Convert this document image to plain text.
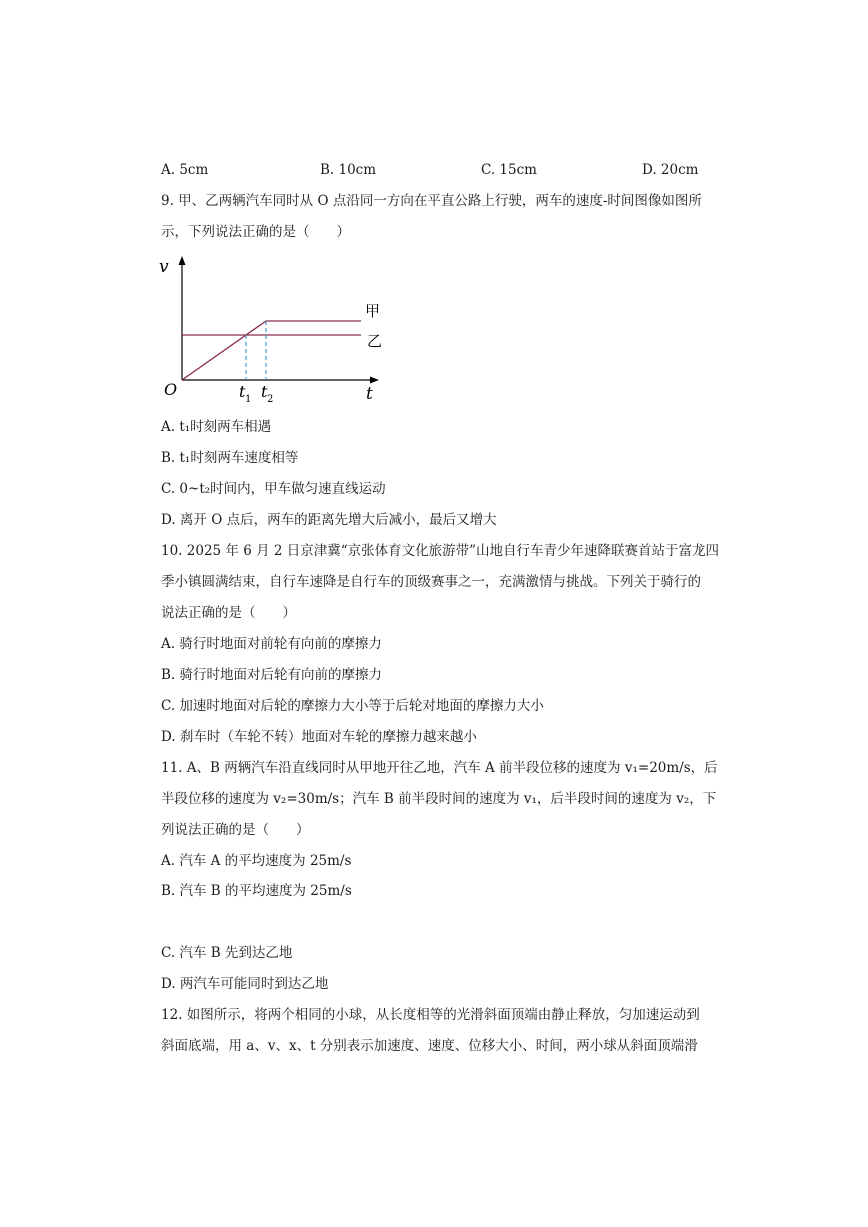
A. 5cm	B. 10cm	C. 15cm	D. 20cm
9. 甲、乙两辆汽车同时从 O 点沿同一方向在平直公路上行驶，两车的速度-时间图像如图所
示，下列说法正确的是（　　）
v
O	t
t 1 t 2
甲
乙
A. t₁时刻两车相遇
B. t₁时刻两车速度相等
C. 0~t₂时间内，甲车做匀速直线运动
D. 离开 O 点后，两车的距离先增大后减小，最后又增大
10. 2025 年 6 月 2 日京津冀“京张体育文化旅游带”山地自行车青少年速降联赛首站于富龙四
季小镇圆满结束，自行车速降是自行车的顶级赛事之一，充满激情与挑战。下列关于骑行的
说法正确的是（　　）
A. 骑行时地面对前轮有向前的摩擦力
B. 骑行时地面对后轮有向前的摩擦力
C. 加速时地面对后轮的摩擦力大小等于后轮对地面的摩擦力大小
D. 刹车时（车轮不转）地面对车轮的摩擦力越来越小
11. A、B 两辆汽车沿直线同时从甲地开往乙地，汽车 A 前半段位移的速度为 v₁=20m/s，后
半段位移的速度为 v₂=30m/s；汽车 B 前半段时间的速度为 v₁，后半段时间的速度为 v₂，下
列说法正确的是（　　）
A. 汽车 A 的平均速度为 25m/s
B. 汽车 B 的平均速度为 25m/s
C. 汽车 B 先到达乙地
D. 两汽车可能同时到达乙地
12. 如图所示，将两个相同的小球，从长度相等的光滑斜面顶端由静止释放，匀加速运动到
斜面底端，用 a、v、x、t 分别表示加速度、速度、位移大小、时间，两小球从斜面顶端滑
